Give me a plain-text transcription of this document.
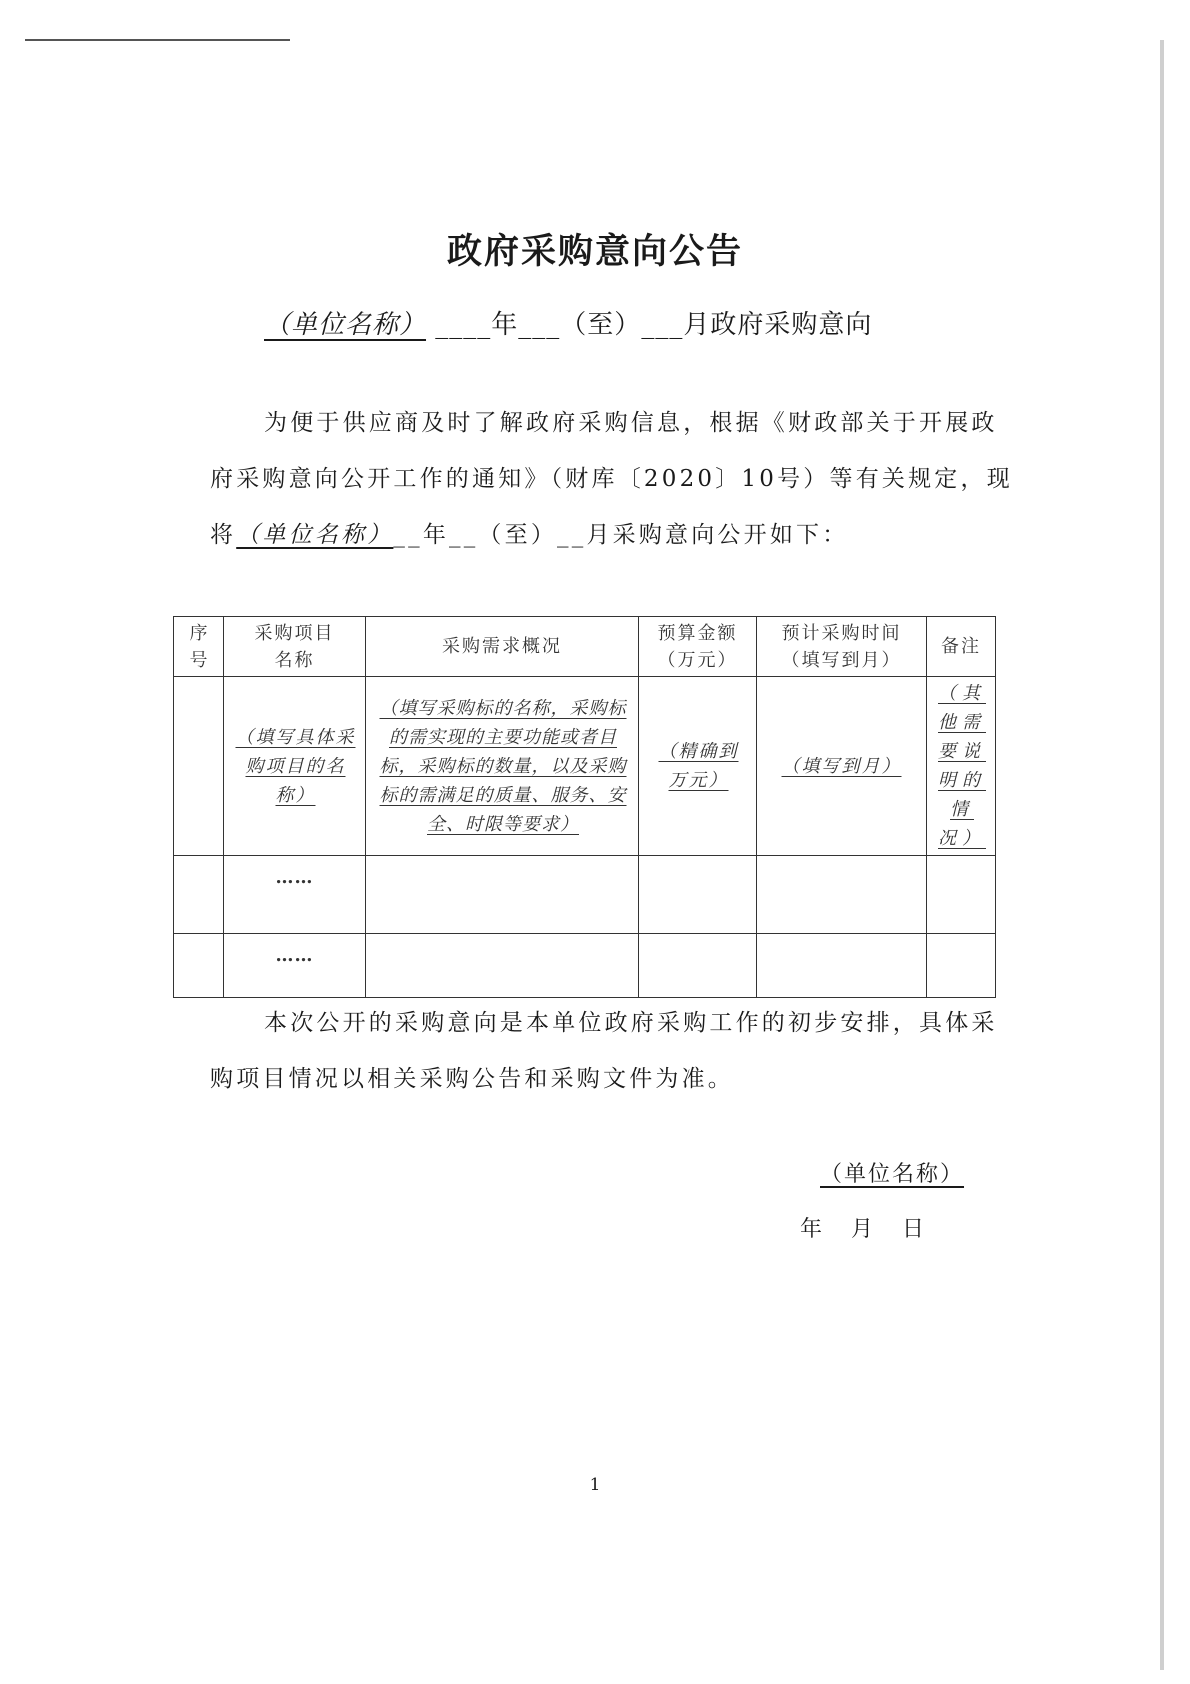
政府采购意向公告
（单位名称） ____年___（至）___月政府采购意向
为便于供应商及时了解政府采购信息，根据《财政部关于开展政
府采购意向公开工作的通知》（财库〔2020〕10号）等有关规定，现
将（单位名称）__年__（至）__月采购意向公开如下：
序号	采购项目名称	采购需求概况	预算金额（万元）	预计采购时间（填写到月）	备注
	（填写具体采购项目的名称）	（填写采购标的名称，采购标的需实现的主要功能或者目标，采购标的数量，以及采购标的需满足的质量、服务、安全、时限等要求）	（精确到万元）	（填写到月）	（其他需要说明的情况）
	……				
	……				
本次公开的采购意向是本单位政府采购工作的初步安排，具体采
购项目情况以相关采购公告和采购文件为准。
（单位名称）
年 月 日
1
